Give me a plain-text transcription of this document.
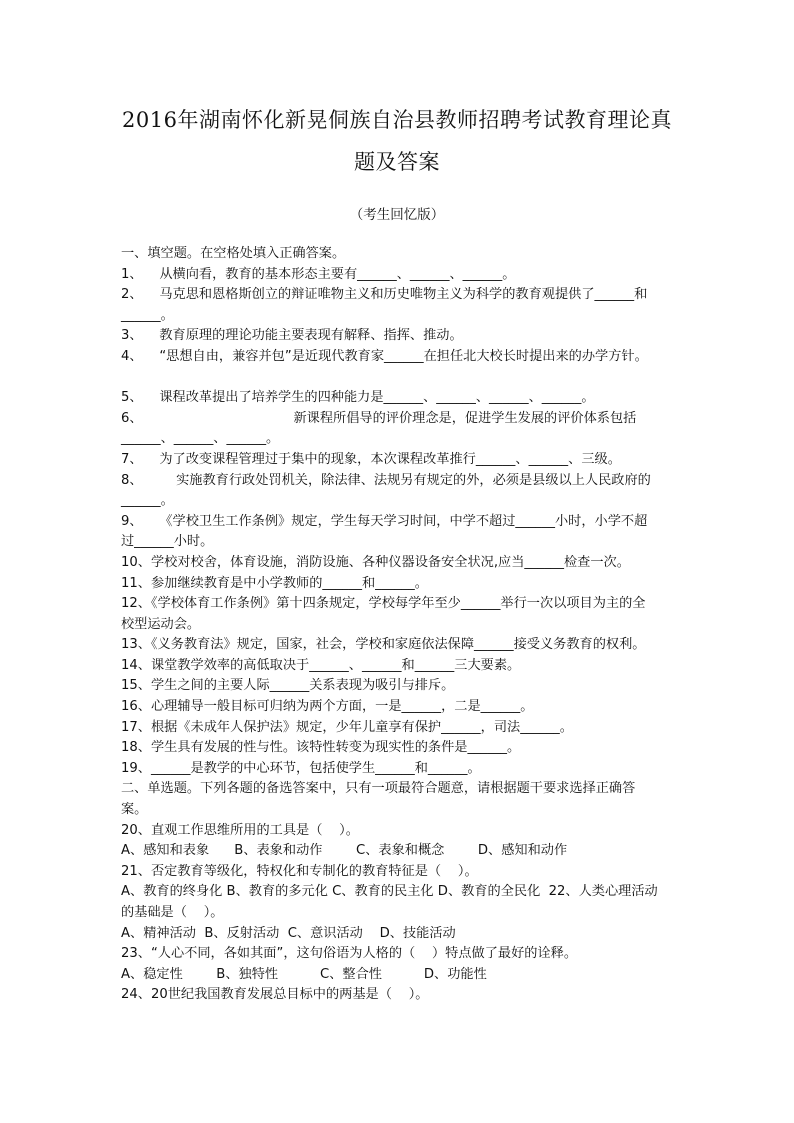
2016年湖南怀化新晃侗族自治县教师招聘考试教育理论真
题及答案
（考生回忆版）
一、填空题。在空格处填入正确答案。
1、    从横向看，教育的基本形态主要有______、______、______。
2、    马克思和恩格斯创立的辩证唯物主义和历史唯物主义为科学的教育观提供了______和
______。
3、    教育原理的理论功能主要表现有解释、指挥、推动。
4、    “思想自由，兼容并包”是近现代教育家______在担任北大校长时提出来的办学方针。
5、    课程改革提出了培养学生的四种能力是______、______、______、______。
6、                                    新课程所倡导的评价理念是，促进学生发展的评价体系包括
______、______、______。
7、    为了改变课程管理过于集中的现象，本次课程改革推行______、______、三级。
8、        实施教育行政处罚机关，除法律、法规另有规定的外，必须是县级以上人民政府的
______。
9、    《学校卫生工作条例》规定，学生每天学习时间，中学不超过______小时，小学不超
过______小时。
10、学校对校舍，体育设施，消防设施、各种仪器设备安全状况,应当______检查一次。
11、参加继续教育是中小学教师的______和______。
12、《学校体育工作条例》第十四条规定，学校每学年至少______举行一次以项目为主的全
校型运动会。
13、《义务教育法》规定，国家，社会，学校和家庭依法保障______接受义务教育的权利。
14、课堂教学效率的高低取决于______、______和______三大要素。
15、学生之间的主要人际______关系表现为吸引与排斥。
16、心理辅导一般目标可归纳为两个方面，一是______，二是______。
17、根据《未成年人保护法》规定，少年儿童享有保护______，司法______。
18、学生具有发展的性与性。该特性转变为现实性的条件是______。
19、______是教学的中心环节，包括使学生______和______。
二、单选题。下列各题的备选答案中，只有一项最符合题意，请根据题干要求选择正确答
案。
20、直观工作思维所用的工具是（    ）。
A、感知和表象      B、表象和动作        C、表象和概念        D、感知和动作
21、否定教育等级化，特权化和专制化的教育特征是（    ）。
A、教育的终身化 B、教育的多元化 C、教育的民主化 D、教育的全民化  22、人类心理活动
的基础是（    ）。
A、精神活动  B、反射活动  C、意识活动    D、技能活动
23、“人心不同，各如其面”，这句俗语为人格的（    ）特点做了最好的诠释。
A、稳定性        B、独特性          C、整合性          D、功能性
24、20世纪我国教育发展总目标中的两基是（    ）。
